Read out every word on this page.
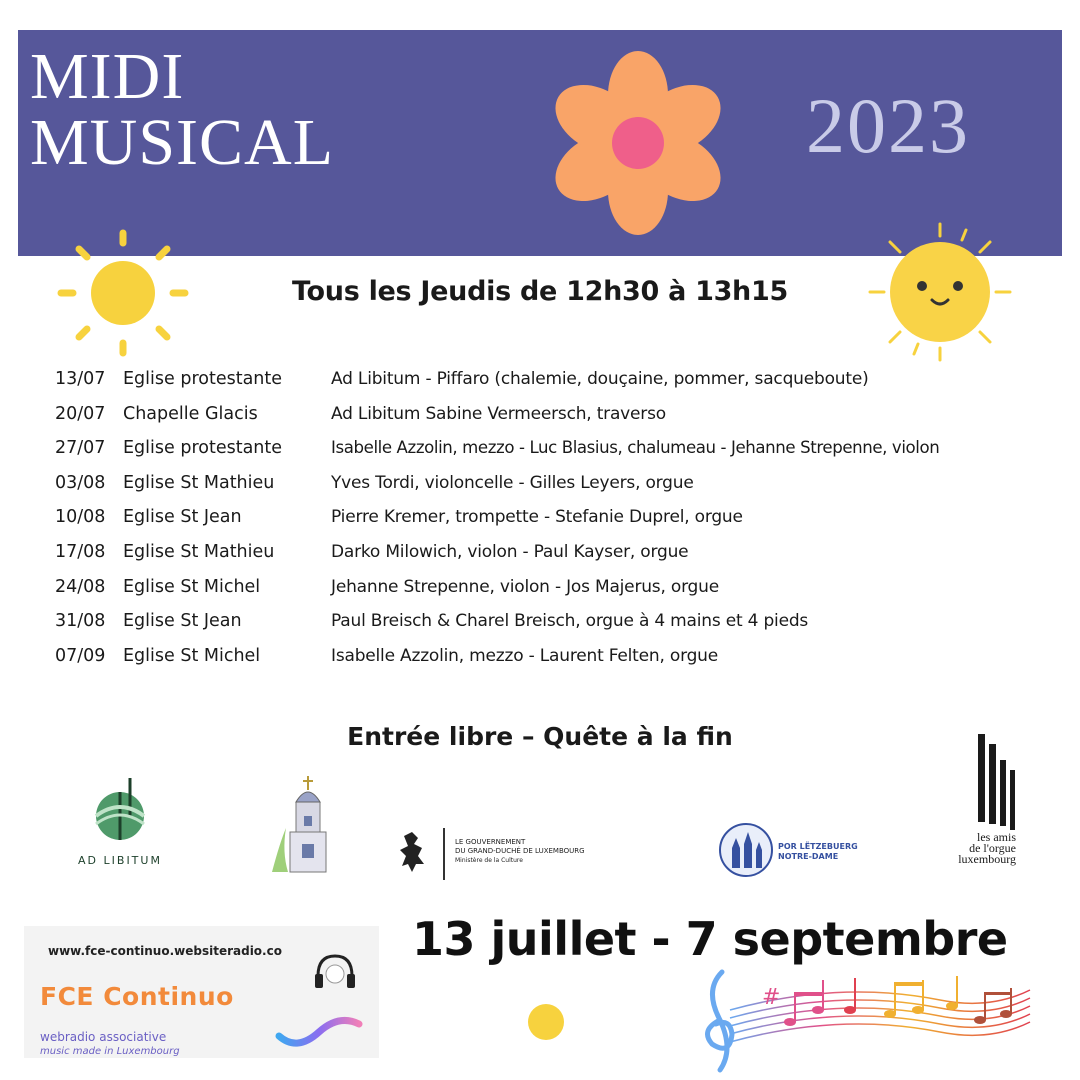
MIDI
MUSICAL	2023
Tous les Jeudis de 12h30 à 13h15
13/07 Eglise protestante	Ad Libitum - Piffaro (chalemie, douçaine, pommer, sacqueboute)
20/07 Chapelle Glacis	Ad Libitum Sabine Vermeersch, traverso
27/07 Eglise protestante	Isabelle Azzolin, mezzo - Luc Blasius, chalumeau - Jehanne Strepenne, violon
03/08 Eglise St Mathieu	Yves Tordi, violoncelle - Gilles Leyers, orgue
10/08 Eglise St Jean	Pierre Kremer, trompette - Stefanie Duprel, orgue
17/08 Eglise St Mathieu	Darko Milowich, violon - Paul Kayser, orgue
24/08 Eglise St Michel	Jehanne Strepenne, violon - Jos Majerus, orgue
31/08 Eglise St Jean	Paul Breisch & Charel Breisch, orgue à 4 mains et 4 pieds
07/09 Eglise St Michel	Isabelle Azzolin, mezzo - Laurent Felten, orgue
Entrée libre – Quête à la fin
AD LIBITUM
LE GOUVERNEMENT
DU GRAND-DUCHÉ DE LUXEMBOURG
Ministère de la Culture
POR LËTZEBUERG
NOTRE-DAME
les amis
de l'orgue
luxembourg
www.fce-continuo.websiteradio.co
FCE Continuo
webradio associative
music made in Luxembourg
13 juillet - 7 septembre
#
